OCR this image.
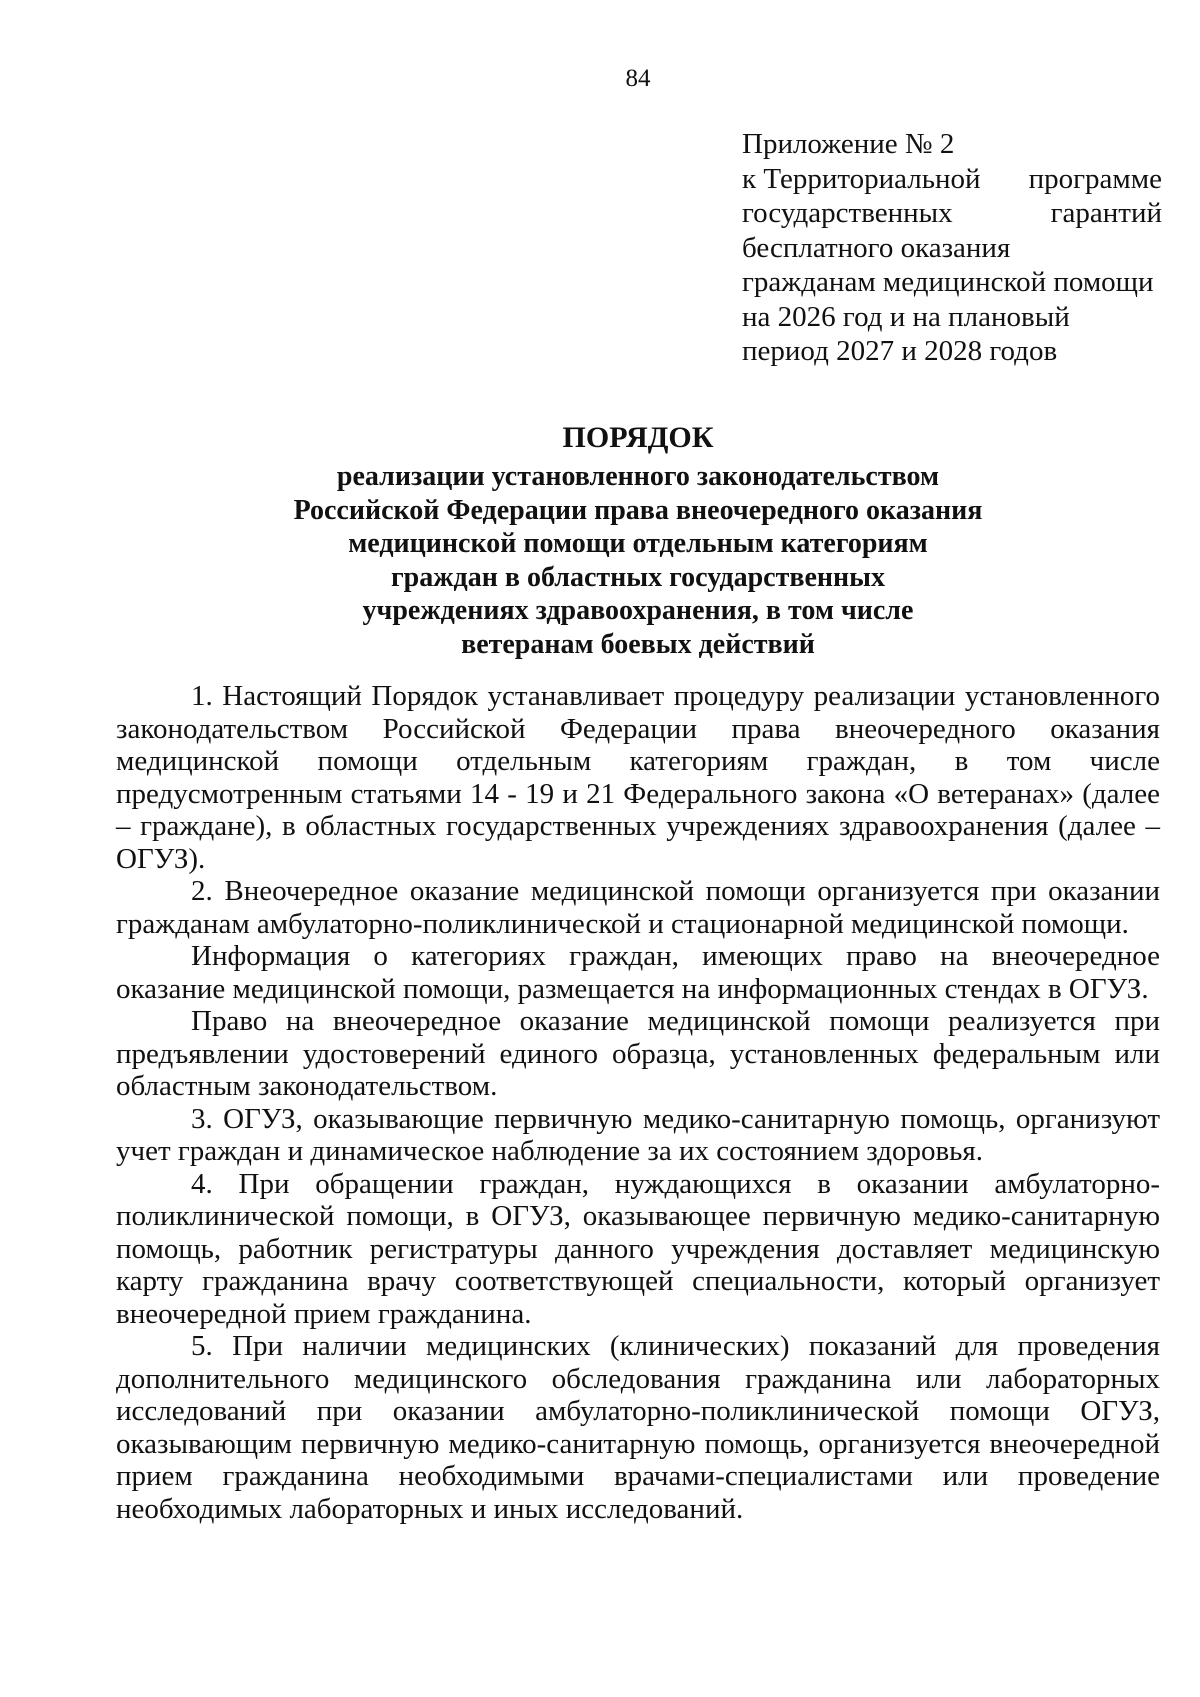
84
Приложение № 2
к Территориальной программе
государственных	гарантий
бесплатного оказания
гражданам медицинской помощи
на 2026 год и на плановый
период 2027 и 2028 годов
ПОРЯДОК
реализации установленного законодательством
Российской Федерации права внеочередного оказания
медицинской помощи отдельным категориям
граждан в областных государственных
учреждениях здравоохранения, в том числе
ветеранам боевых действий

1. Настоящий Порядок устанавливает процедуру реализации установленного законодательством Российской Федерации права внеочередного оказания медицинской помощи отдельным категориям граждан, в том числе предусмотренным статьями 14 - 19 и 21 Федерального закона «О ветеранах» (далее – граждане), в областных государственных учреждениях здравоохранения (далее – ОГУЗ).

2. Внеочередное оказание медицинской помощи организуется при оказании гражданам амбулаторно-поликлинической и стационарной медицинской помощи.

Информация о категориях граждан, имеющих право на внеочередное оказание медицинской помощи, размещается на информационных стендах в ОГУЗ.

Право на внеочередное оказание медицинской помощи реализуется при предъявлении удостоверений единого образца, установленных федеральным или областным законодательством.

3. ОГУЗ, оказывающие первичную медико-санитарную помощь, организуют учет граждан и динамическое наблюдение за их состоянием здоровья.

4. При обращении граждан, нуждающихся в оказании амбулаторно-поликлинической помощи, в ОГУЗ, оказывающее первичную медико-санитарную помощь, работник регистратуры данного учреждения доставляет медицинскую карту гражданина врачу соответствующей специальности, который организует внеочередной прием гражданина.

5. При наличии медицинских (клинических) показаний для проведения дополнительного медицинского обследования гражданина или лабораторных исследований при оказании амбулаторно-поликлинической помощи ОГУЗ, оказывающим первичную медико-санитарную помощь, организуется внеочередной прием гражданина необходимыми врачами-специалистами или проведение необходимых лабораторных и иных исследований.
